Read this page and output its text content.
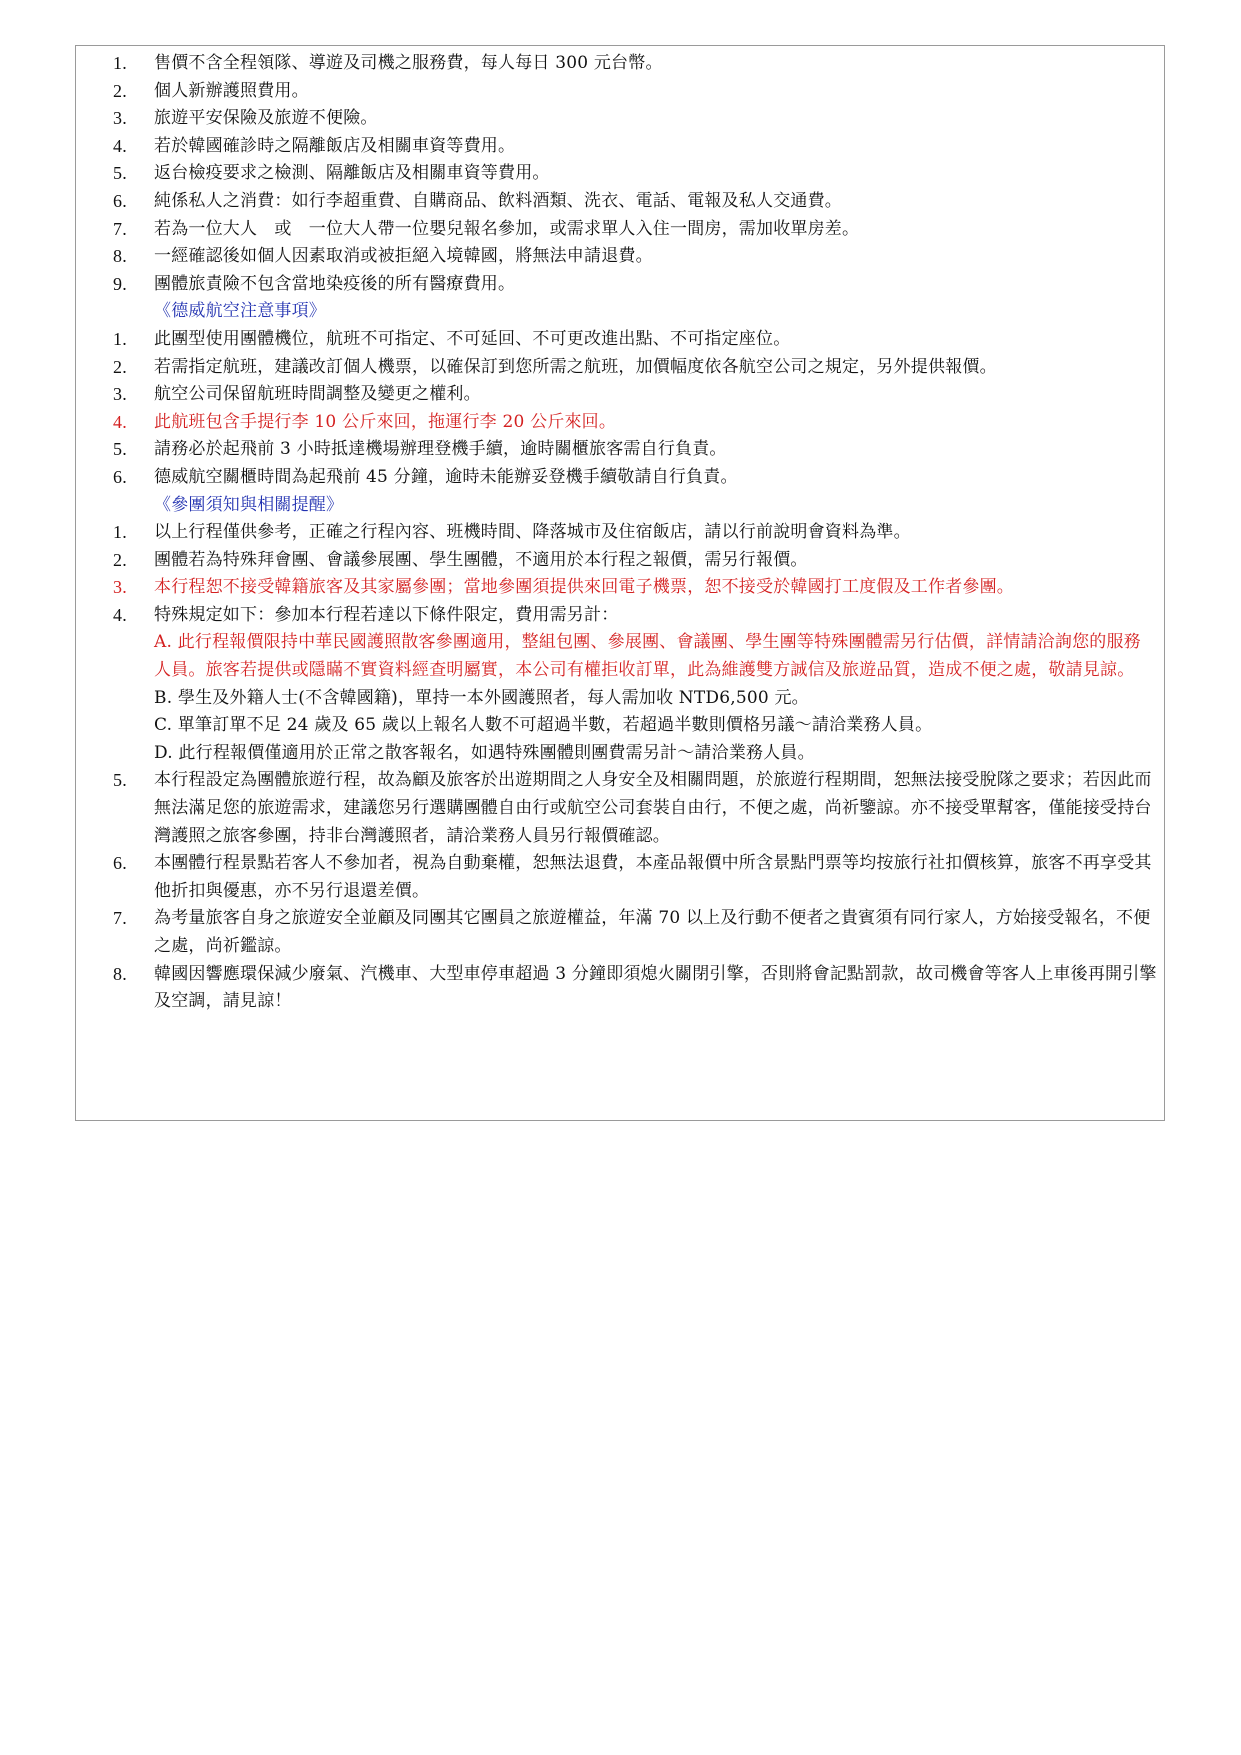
1.	售價不含全程領隊、導遊及司機之服務費，每人每日 300 元台幣。
2.	個人新辦護照費用。
3.	旅遊平安保險及旅遊不便險。
4.	若於韓國確診時之隔離飯店及相關車資等費用。
5.	返台檢疫要求之檢測、隔離飯店及相關車資等費用。
6.	純係私人之消費：如行李超重費、自購商品、飲料酒類、洗衣、電話、電報及私人交通費。
7.	若為一位大人　或　一位大人帶一位嬰兒報名參加，或需求單人入住一間房，需加收單房差。
8.	一經確認後如個人因素取消或被拒絕入境韓國，將無法申請退費。
9.	團體旅責險不包含當地染疫後的所有醫療費用。
《德威航空注意事項》
1.	此團型使用團體機位，航班不可指定、不可延回、不可更改進出點、不可指定座位。
2.	若需指定航班，建議改訂個人機票，以確保訂到您所需之航班，加價幅度依各航空公司之規定，另外提供報價。
3.	航空公司保留航班時間調整及變更之權利。
4.	此航班包含手提行李 10 公斤來回，拖運行李 20 公斤來回。
5.	請務必於起飛前 3 小時抵達機場辦理登機手續，逾時關櫃旅客需自行負責。
6.	德威航空關櫃時間為起飛前 45 分鐘，逾時未能辦妥登機手續敬請自行負責。
《參團須知與相關提醒》
1.	以上行程僅供參考，正確之行程內容、班機時間、降落城市及住宿飯店，請以行前說明會資料為準。
2.	團體若為特殊拜會團、會議參展團、學生團體，不適用於本行程之報價，需另行報價。
3.	本行程恕不接受韓籍旅客及其家屬參團；當地參團須提供來回電子機票，恕不接受於韓國打工度假及工作者參團。
4.	特殊規定如下：參加本行程若達以下條件限定，費用需另計：
A. 此行程報價限持中華民國護照散客參團適用，整組包團、參展團、會議團、學生團等特殊團體需另行估價，詳情請洽詢您的服務人員。旅客若提供或隱瞞不實資料經查明屬實，本公司有權拒收訂單，此為維護雙方誠信及旅遊品質，造成不便之處，敬請見諒。
B. 學生及外籍人士(不含韓國籍)，單持一本外國護照者，每人需加收 NTD6,500 元。
C. 單筆訂單不足 24 歲及 65 歲以上報名人數不可超過半數，若超過半數則價格另議～請洽業務人員。
D. 此行程報價僅適用於正常之散客報名，如遇特殊團體則團費需另計～請洽業務人員。
5.	本行程設定為團體旅遊行程，故為顧及旅客於出遊期間之人身安全及相關問題，於旅遊行程期間，恕無法接受脫隊之要求；若因此而無法滿足您的旅遊需求，建議您另行選購團體自由行或航空公司套裝自由行，不便之處，尚祈鑒諒。亦不接受單幫客，僅能接受持台灣護照之旅客參團，持非台灣護照者，請洽業務人員另行報價確認。
6.	本團體行程景點若客人不參加者，視為自動棄權，恕無法退費，本產品報價中所含景點門票等均按旅行社扣價核算，旅客不再享受其他折扣與優惠，亦不另行退還差價。
7.	為考量旅客自身之旅遊安全並顧及同團其它團員之旅遊權益，年滿 70 以上及行動不便者之貴賓須有同行家人，方始接受報名，不便之處，尚祈鑑諒。
8.	韓國因響應環保減少廢氣、汽機車、大型車停車超過 3 分鐘即須熄火關閉引擎，否則將會記點罰款，故司機會等客人上車後再開引擎及空調，請見諒！
